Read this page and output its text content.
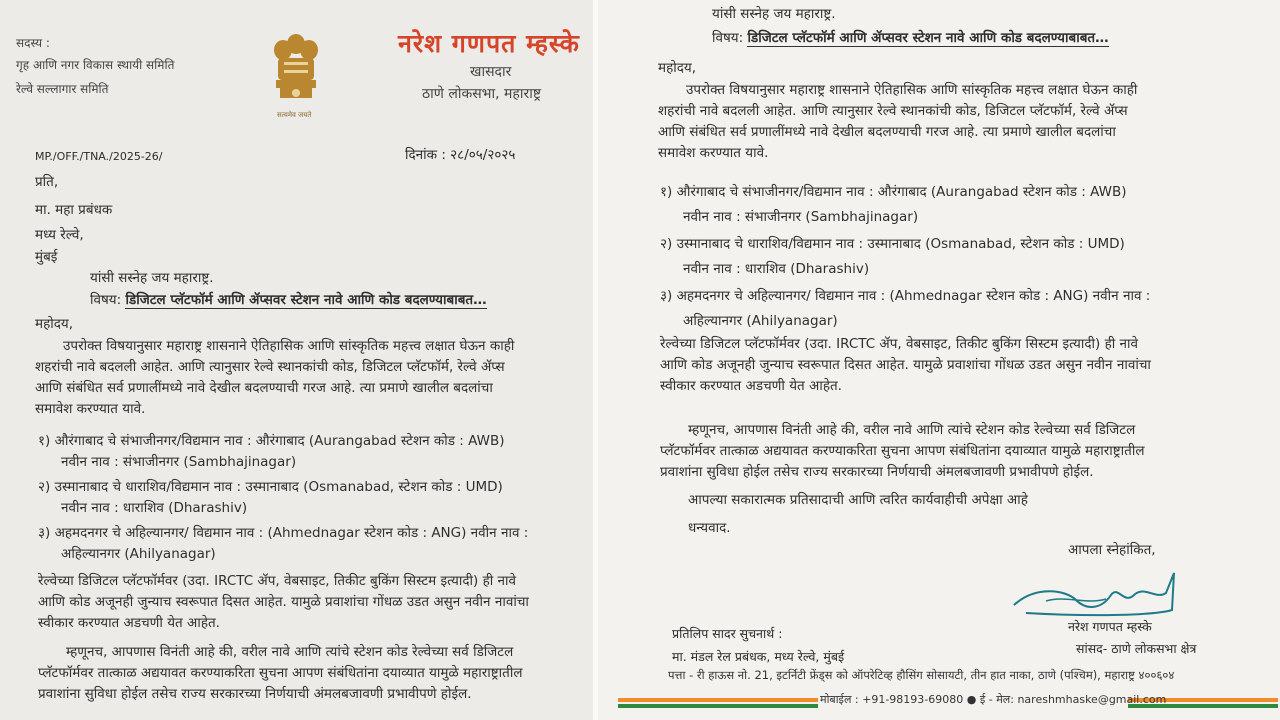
सदस्य :
गृह आणि नगर विकास स्थायी समिति
रेल्वे सल्लागार समिति
सत्यमेव जयते
नरेश गणपत म्हस्के
खासदार
ठाणे लोकसभा, महाराष्ट्र
MP./OFF./TNA./2025-26/	दिनांक : २८/०५/२०२५
प्रति,
मा. महा प्रबंधक
मध्य रेल्वे,
मुंबई
यांसी सस्नेह जय महाराष्ट्र.
विषय: डिजिटल प्लॅटफॉर्म आणि ॲप्सवर स्टेशन नावे आणि कोड बदलण्याबाबत…
महोदय,
उपरोक्त विषयानुसार महाराष्ट्र शासनाने ऐतिहासिक आणि सांस्कृतिक महत्त्व लक्षात घेऊन काही
शहरांची नावे बदलली आहेत. आणि त्यानुसार रेल्वे स्थानकांची कोड, डिजिटल प्लॅटफॉर्म, रेल्वे ॲप्स
आणि संबंधित सर्व प्रणालींमध्ये नावे देखील बदलण्याची गरज आहे. त्या प्रमाणे खालील बदलांचा
समावेश करण्यात यावे.
१) औरंगाबाद चे संभाजीनगर/विद्यमान नाव : औरंगाबाद (Aurangabad स्टेशन कोड : AWB)
नवीन नाव : संभाजीनगर (Sambhajinagar)
२) उस्मानाबाद चे धाराशिव/विद्यमान नाव : उस्मानाबाद (Osmanabad, स्टेशन कोड : UMD)
नवीन नाव : धाराशिव (Dharashiv)
३) अहमदनगर चे अहिल्यानगर/ विद्यमान नाव : (Ahmednagar स्टेशन कोड : ANG) नवीन नाव :
अहिल्यानगर (Ahilyanagar)
रेल्वेच्या डिजिटल प्लॅटफॉर्मवर (उदा. IRCTC ॲप, वेबसाइट, तिकीट बुकिंग सिस्टम इत्यादी) ही नावे
आणि कोड अजूनही जुन्याच स्वरूपात दिसत आहेत. यामुळे प्रवाशांचा गोंधळ उडत असुन नवीन नावांचा
स्वीकार करण्यात अडचणी येत आहेत.
म्हणूनच, आपणास विनंती आहे की, वरील नावे आणि त्यांचे स्टेशन कोड रेल्वेच्या सर्व डिजिटल
प्लॅटफॉर्मवर तात्काळ अद्ययावत करण्याकरिता सुचना आपण संबंधितांना दयाव्यात यामुळे महाराष्ट्रातील
प्रवाशांना सुविधा होईल तसेच राज्य सरकारच्या निर्णयाची अंमलबजावणी प्रभावीपणे होईल.
यांसी सस्नेह जय महाराष्ट्र.
विषय: डिजिटल प्लॅटफॉर्म आणि ॲप्सवर स्टेशन नावे आणि कोड बदलण्याबाबत…
महोदय,
उपरोक्त विषयानुसार महाराष्ट्र शासनाने ऐतिहासिक आणि सांस्कृतिक महत्त्व लक्षात घेऊन काही
शहरांची नावे बदलली आहेत. आणि त्यानुसार रेल्वे स्थानकांची कोड, डिजिटल प्लॅटफॉर्म, रेल्वे ॲप्स
आणि संबंधित सर्व प्रणालींमध्ये नावे देखील बदलण्याची गरज आहे. त्या प्रमाणे खालील बदलांचा
समावेश करण्यात यावे.
१) औरंगाबाद चे संभाजीनगर/विद्यमान नाव : औरंगाबाद (Aurangabad स्टेशन कोड : AWB)
नवीन नाव : संभाजीनगर (Sambhajinagar)
२) उस्मानाबाद चे धाराशिव/विद्यमान नाव : उस्मानाबाद (Osmanabad, स्टेशन कोड : UMD)
नवीन नाव : धाराशिव (Dharashiv)
३) अहमदनगर चे अहिल्यानगर/ विद्यमान नाव : (Ahmednagar स्टेशन कोड : ANG) नवीन नाव :
अहिल्यानगर (Ahilyanagar)
रेल्वेच्या डिजिटल प्लॅटफॉर्मवर (उदा. IRCTC ॲप, वेबसाइट, तिकीट बुकिंग सिस्टम इत्यादी) ही नावे
आणि कोड अजूनही जुन्याच स्वरूपात दिसत आहेत. यामुळे प्रवाशांचा गोंधळ उडत असुन नवीन नावांचा
स्वीकार करण्यात अडचणी येत आहेत.
म्हणूनच, आपणास विनंती आहे की, वरील नावे आणि त्यांचे स्टेशन कोड रेल्वेच्या सर्व डिजिटल
प्लॅटफॉर्मवर तात्काळ अद्ययावत करण्याकरिता सुचना आपण संबंधितांना दयाव्यात यामुळे महाराष्ट्रातील
प्रवाशांना सुविधा होईल तसेच राज्य सरकारच्या निर्णयाची अंमलबजावणी प्रभावीपणे होईल.
आपल्या सकारात्मक प्रतिसादाची आणि त्वरित कार्यवाहीची अपेक्षा आहे
धन्यवाद.
आपला स्नेहांकित,
नरेश गणपत म्हस्के
सांसद- ठाणे लोकसभा क्षेत्र
प्रतिलिप सादर सुचनार्थ :
मा. मंडल रेल प्रबंधक, मध्य रेल्वे, मुंबई
पत्ता - री हाऊस नो. 21, इटर्निटी फ्रेंड्स को ऑपरेटिव्ह हौसिंग सोसायटी, तीन हात नाका, ठाणे (पश्चिम), महाराष्ट्र ४००६०४
मोबाईल : +91-98193-69080 ● ई - मेल: nareshmhaske@gmail.com
